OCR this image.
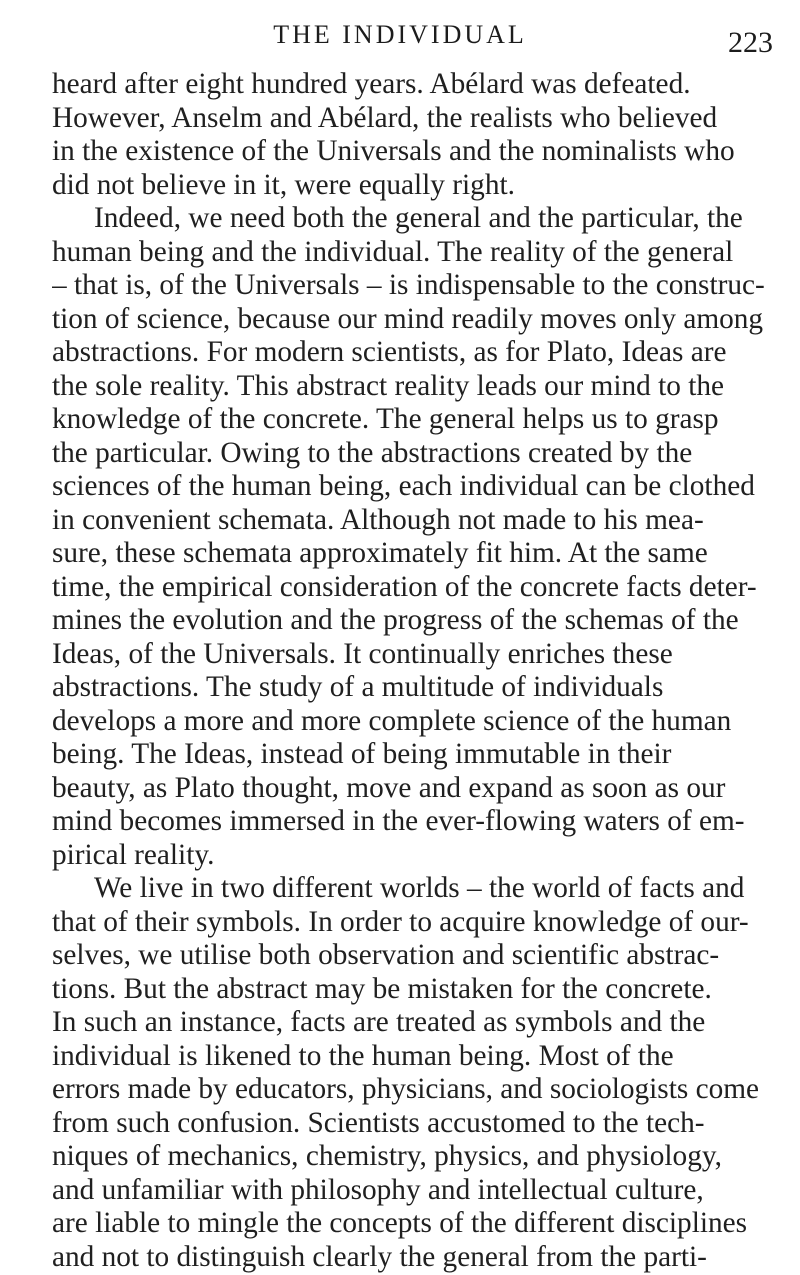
THE INDIVIDUAL	223
heard after eight hundred years. Abélard was defeated.
However, Anselm and Abélard, the realists who believed
in the existence of the Universals and the nominalists who
did not believe in it, were equally right.
Indeed, we need both the general and the particular, the
human being and the individual. The reality of the general
– that is, of the Universals – is indispensable to the construc-
tion of science, because our mind readily moves only among
abstractions. For modern scientists, as for Plato, Ideas are
the sole reality. This abstract reality leads our mind to the
knowledge of the concrete. The general helps us to grasp
the particular. Owing to the abstractions created by the
sciences of the human being, each individual can be clothed
in convenient schemata. Although not made to his mea-
sure, these schemata approximately fit him. At the same
time, the empirical consideration of the concrete facts deter-
mines the evolution and the progress of the schemas of the
Ideas, of the Universals. It continually enriches these
abstractions. The study of a multitude of individuals
develops a more and more complete science of the human
being. The Ideas, instead of being immutable in their
beauty, as Plato thought, move and expand as soon as our
mind becomes immersed in the ever-flowing waters of em-
pirical reality.
We live in two different worlds – the world of facts and
that of their symbols. In order to acquire knowledge of our-
selves, we utilise both observation and scientific abstrac-
tions. But the abstract may be mistaken for the concrete.
In such an instance, facts are treated as symbols and the
individual is likened to the human being. Most of the
errors made by educators, physicians, and sociologists come
from such confusion. Scientists accustomed to the tech-
niques of mechanics, chemistry, physics, and physiology,
and unfamiliar with philosophy and intellectual culture,
are liable to mingle the concepts of the different disciplines
and not to distinguish clearly the general from the parti-
